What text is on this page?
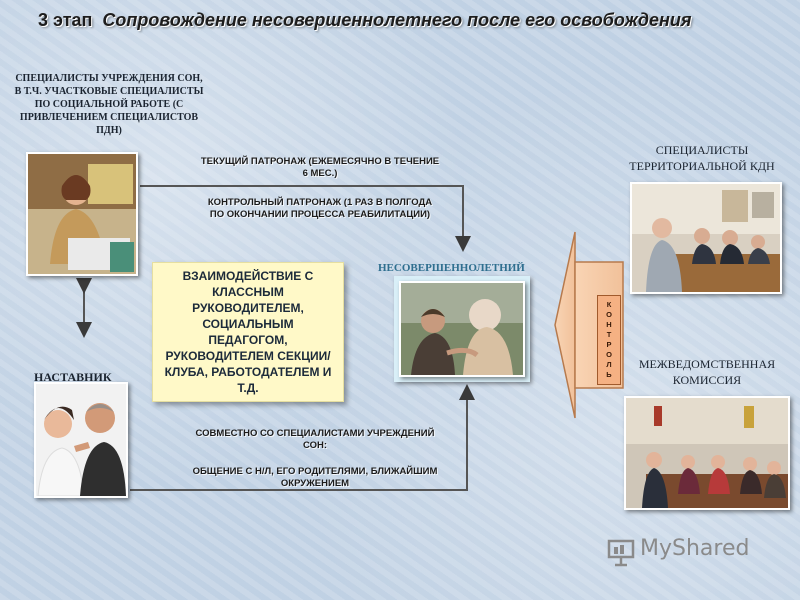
3 этап Сопровождение несовершеннолетнего после его освобождения
СПЕЦИАЛИСТЫ УЧРЕЖДЕНИЯ СОН, В Т.Ч. УЧАСТКОВЫЕ СПЕЦИАЛИСТЫ ПО СОЦИАЛЬНОЙ РАБОТЕ (С ПРИВЛЕЧЕНИЕМ СПЕЦИАЛИСТОВ ПДН)
НАСТАВНИК
ТЕКУЩИЙ ПАТРОНАЖ (ЕЖЕМЕСЯЧНО В ТЕЧЕНИЕ 6 МЕС.)
КОНТРОЛЬНЫЙ ПАТРОНАЖ (1 РАЗ В ПОЛГОДА ПО ОКОНЧАНИИ ПРОЦЕССА РЕАБИЛИТАЦИИ)
СОВМЕСТНО СО СПЕЦИАЛИСТАМИ УЧРЕЖДЕНИЙ СОН:
ОБЩЕНИЕ С Н/Л, ЕГО РОДИТЕЛЯМИ, БЛИЖАЙШИМ ОКРУЖЕНИЕМ
ВЗАИМОДЕЙСТВИЕ С КЛАССНЫМ РУКОВОДИТЕЛЕМ, СОЦИАЛЬНЫМ ПЕДАГОГОМ, РУКОВОДИТЕЛЕМ СЕКЦИИ/ КЛУБА, РАБОТОДАТЕЛЕМ И Т.Д.
НЕСОВЕРШЕННОЛЕТНИЙ
СПЕЦИАЛИСТЫ ТЕРРИТОРИАЛЬНОЙ КДН
МЕЖВЕДОМСТВЕННАЯ КОМИССИЯ
К
О
Н
Т
Р
О
Л
Ь
MyShared
